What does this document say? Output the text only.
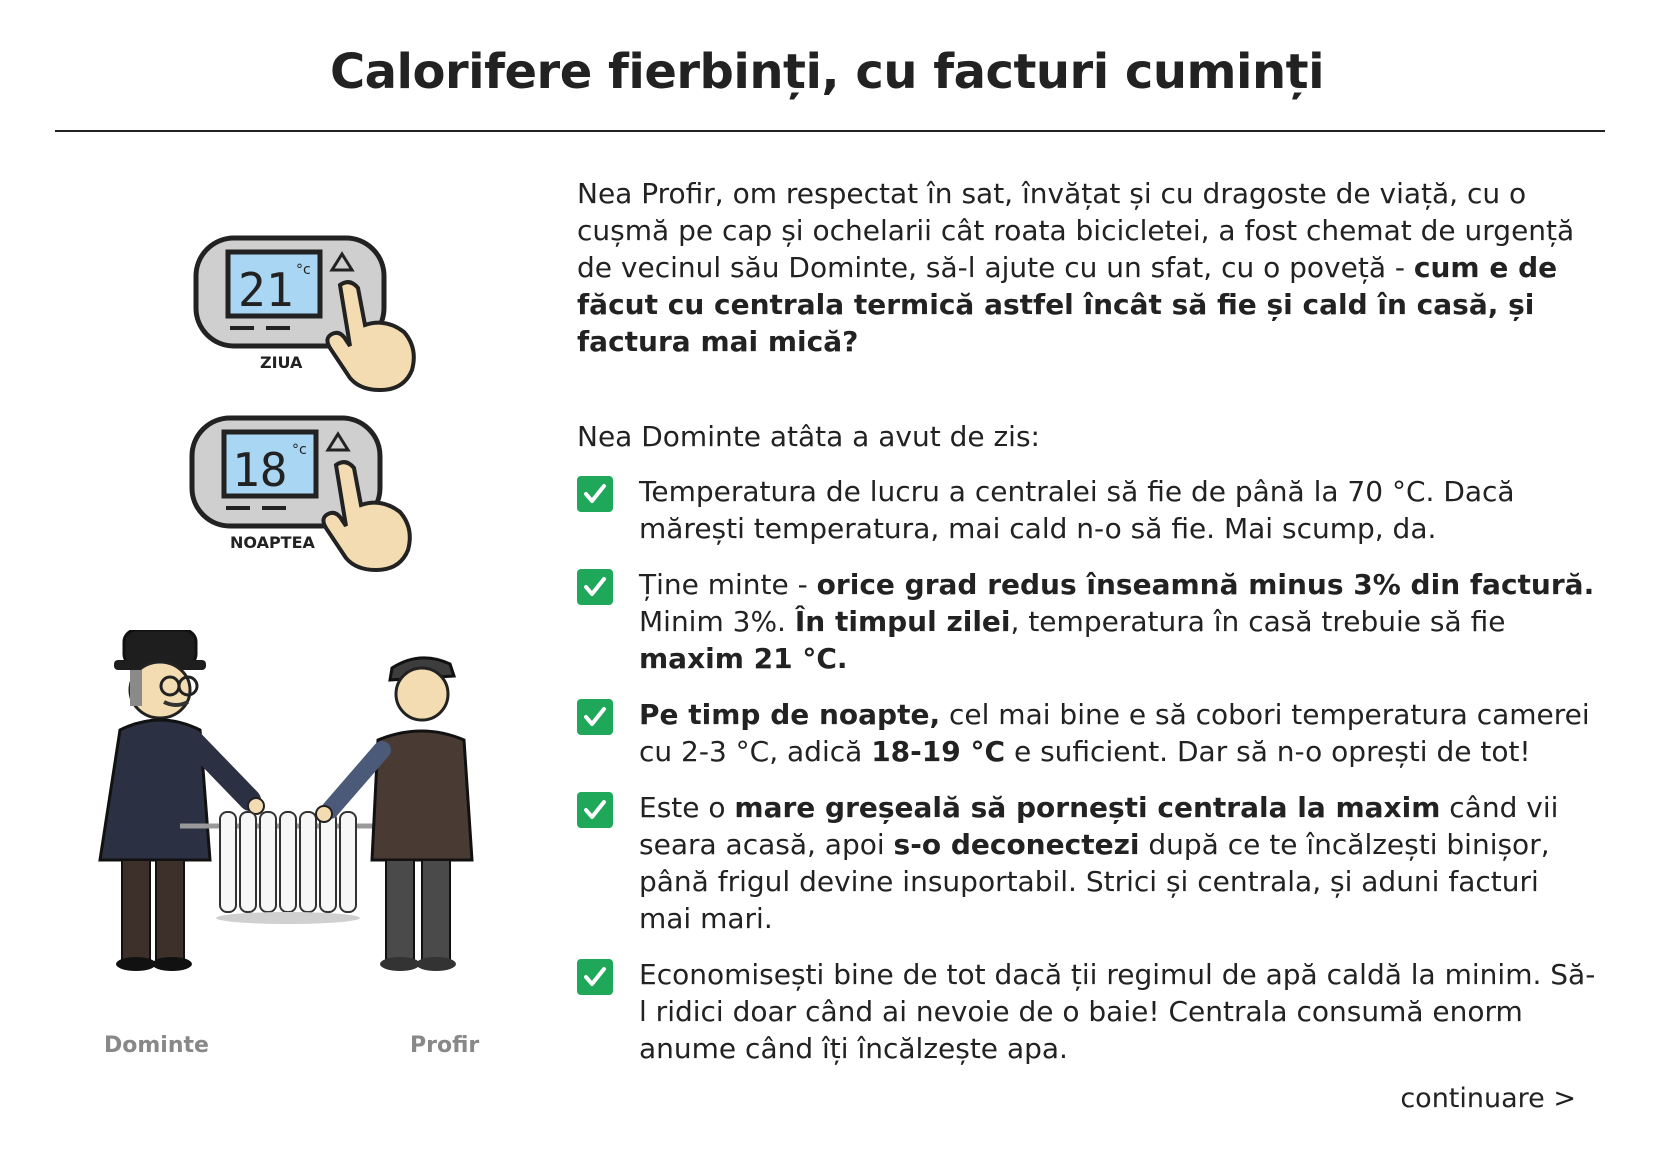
Calorifere fierbinți, cu facturi cuminți
21 °c
ZIUA
18 °c
NOAPTEA
Dominte	Profir

Nea Profir, om respectat în sat, învățat și cu dragoste de viață, cu o cușmă pe cap și ochelarii cât roata bicicletei, a fost chemat de urgență de vecinul său Dominte, să-l ajute cu un sfat, cu o poveță - cum e de făcut cu centrala termică astfel încât să fie și cald în casă, și factura mai mică?

Nea Dominte atâta a avut de zis:

Temperatura de lucru a centralei să fie de până la 70 °C. Dacă mărești temperatura, mai cald n-o să fie. Mai scump, da.
Ține minte - orice grad redus înseamnă minus 3% din factură. Minim 3%. În timpul zilei, temperatura în casă trebuie să fie maxim 21 °C.
Pe timp de noapte, cel mai bine e să cobori temperatura camerei cu 2-3 °C, adică 18-19 °C e suficient. Dar să n-o oprești de tot!
Este o mare greșeală să pornești centrala la maxim când vii seara acasă, apoi s-o deconectezi după ce te încălzești binișor, până frigul devine insuportabil. Strici și centrala, și aduni facturi mai mari.
Economisești bine de tot dacă ții regimul de apă caldă la minim. Să-l ridici doar când ai nevoie de o baie! Centrala consumă enorm anume când îți încălzește apa.
continuare >
